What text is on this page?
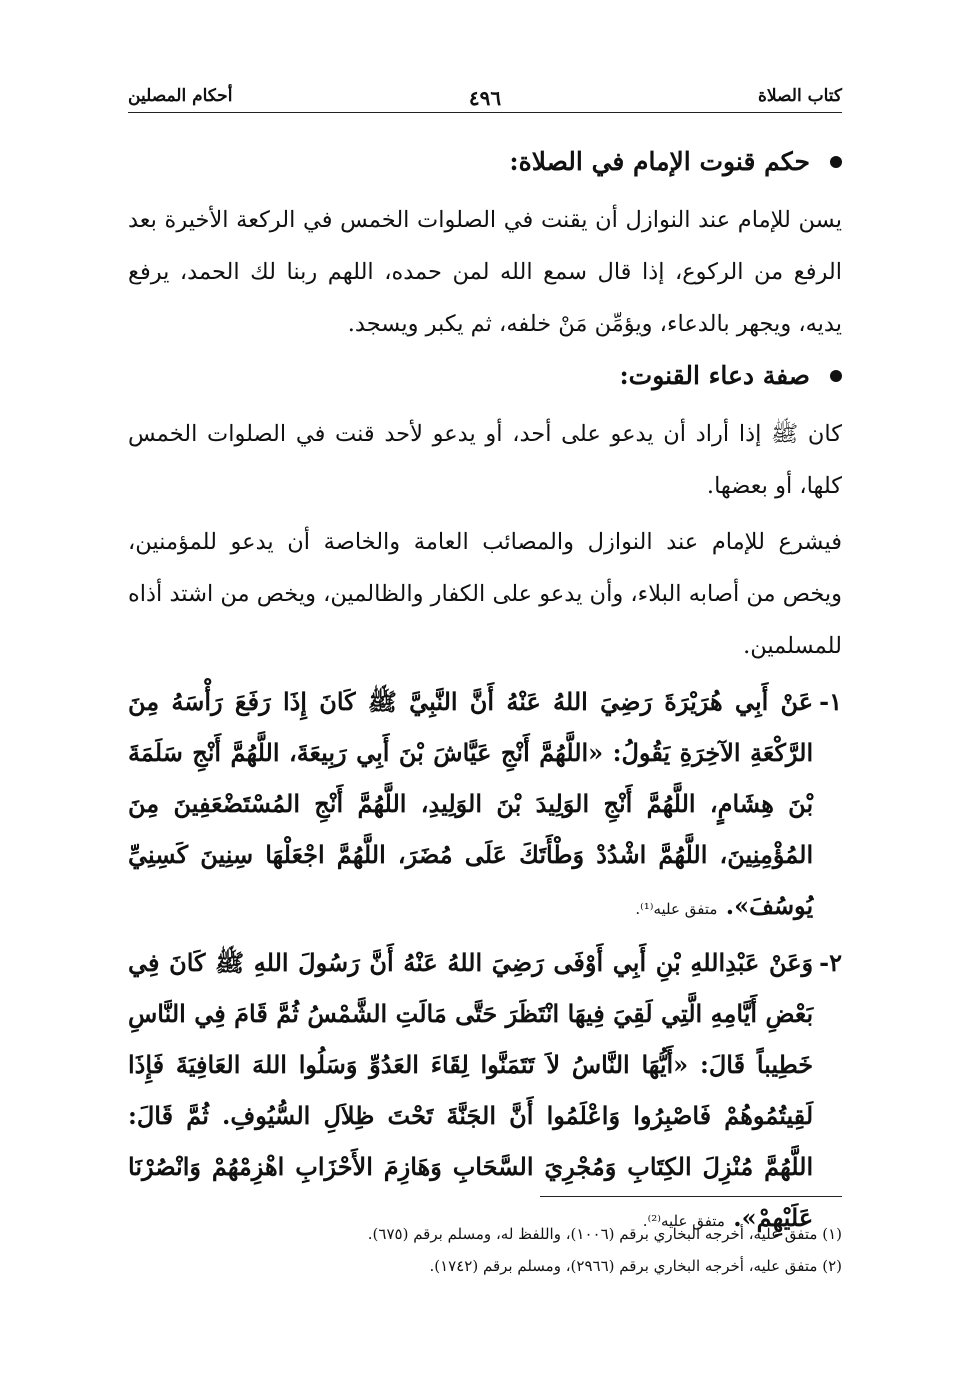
كتاب الصلاة
٤٩٦
أحكام المصلين
حكم قنوت الإمام في الصلاة:

يسن للإمام عند النوازل أن يقنت في الصلوات الخمس في الركعة الأخيرة بعد الرفع من الركوع، إذا قال سمع الله لمن حمده، اللهم ربنا لك الحمد، يرفع يديه، ويجهر بالدعاء، ويؤمِّن مَنْ خلفه، ثم يكبر ويسجد.

صفة دعاء القنوت:

كان ﷺ إذا أراد أن يدعو على أحد، أو يدعو لأحد قنت في الصلوات الخمس كلها، أو بعضها.

فيشرع للإمام عند النوازل والمصائب العامة والخاصة أن يدعو للمؤمنين، ويخص من أصابه البلاء، وأن يدعو على الكفار والظالمين، ويخص من اشتد أذاه للمسلمين.

١-
عَنْ أَبِي هُرَيْرَةَ رَضِيَ اللهُ عَنْهُ أَنَّ النَّبِيَّ ﷺ كَانَ إِذَا رَفَعَ رَأْسَهُ مِنَ الرَّكْعَةِ الآخِرَةِ يَقُولُ: «اللَّهُمَّ أَنْجِ عَيَّاشَ بْنَ أَبِي رَبِيعَةَ، اللَّهُمَّ أَنْجِ سَلَمَةَ بْنَ هِشَامٍ، اللَّهُمَّ أَنْجِ الوَلِيدَ بْنَ الوَلِيدِ، اللَّهُمَّ أَنْجِ المُسْتَضْعَفِينَ مِنَ المُؤْمِنِينَ، اللَّهُمَّ اشْدُدْ وَطْأَتَكَ عَلَى مُضَرَ، اللَّهُمَّ اجْعَلْهَا سِنِينَ كَسِنِيِّ يُوسُفَ». متفق عليه⁽¹⁾.
٢-
وَعَنْ عَبْدِاللهِ بْنِ أَبِي أَوْفَى رَضِيَ اللهُ عَنْهُ أَنَّ رَسُولَ اللهِ ﷺ كَانَ فِي بَعْضِ أَيَّامِهِ الَّتِي لَقِيَ فِيهَا انْتَظَرَ حَتَّى مَالَتِ الشَّمْسُ ثُمَّ قَامَ فِي النَّاسِ خَطِيباً قَالَ: «أَيُّهَا النَّاسُ لاَ تَتَمَنَّوا لِقَاءَ العَدُوِّ وَسَلُوا اللهَ العَافِيَةَ فَإِذَا لَقِيتُمُوهُمْ فَاصْبِرُوا وَاعْلَمُوا أَنَّ الجَنَّةَ تَحْتَ ظِلاَلِ السُّيُوفِ. ثُمَّ قَالَ: اللَّهُمَّ مُنْزِلَ الكِتَابِ وَمُجْرِيَ السَّحَابِ وَهَازِمَ الأَحْزَابِ اهْزِمْهُمْ وَانْصُرْنَا عَلَيْهِمْ». متفق عليه⁽²⁾.
(١) متفق عليه، أخرجه البخاري برقم (١٠٠٦)، واللفظ له، ومسلم برقم (٦٧٥).
(٢) متفق عليه، أخرجه البخاري برقم (٢٩٦٦)، ومسلم برقم (١٧٤٢).
